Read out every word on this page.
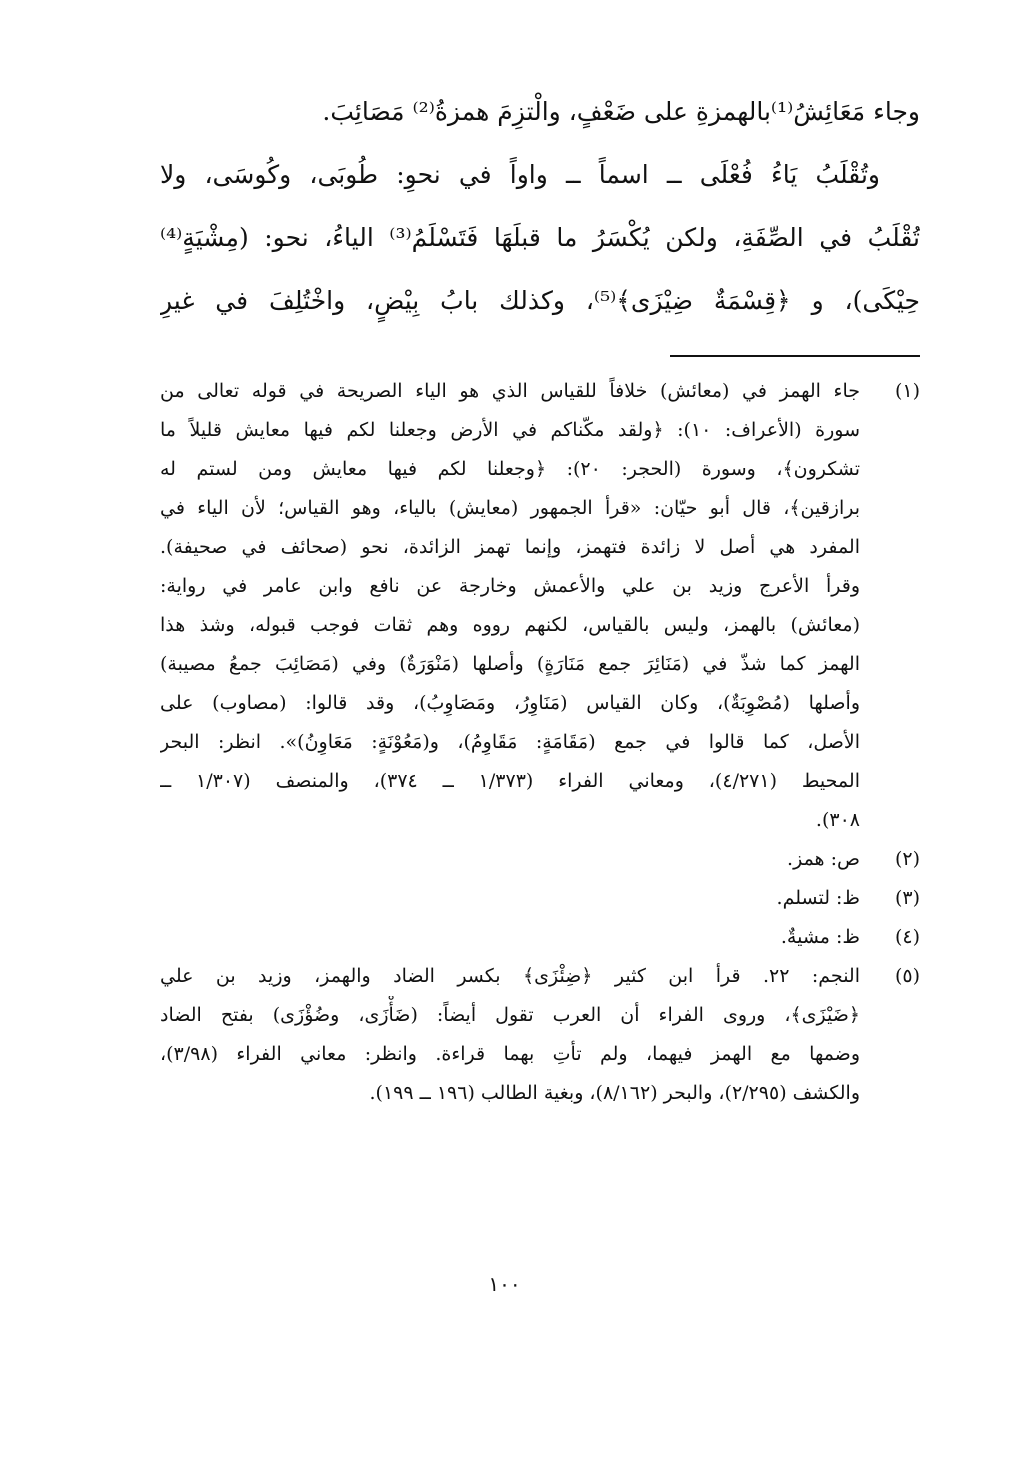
وجاء مَعَائِشُ⁽¹⁾بالهمزةِ على ضَعْفٍ، والْتزِمَ همزةُ⁽²⁾ مَصَائِبَ.
وتُقْلَبُ يَاءُ فُعْلَى ــ اسماً ــ واواً في نحوِ: طُوبَى، وكُوسَى، ولا
تُقْلَبُ في الصِّفَةِ، ولكن يُكْسَرُ ما قبلَهَا فَتَسْلَمُ⁽³⁾ الياءُ، نحو: (مِشْيَةٍ⁽⁴⁾
حِيْكَى)، و ﴿قِسْمَةٌ ضِيْزَى﴾⁽⁵⁾، وكذلك بابُ بِيْضٍ، واخْتُلِفَ في غيرِ
(١)
جاء الهمز في (معائش) خلافاً للقياس الذي هو الياء الصريحة في قوله تعالى من
سورة (الأعراف: ١٠): ﴿ولقد مكّناكم في الأرض وجعلنا لكم فيها معايش قليلاً ما
تشكرون﴾، وسورة (الحجر: ٢٠): ﴿وجعلنا لكم فيها معايش ومن لستم له
برازقين﴾، قال أبو حيّان: «قرأ الجمهور (معايش) بالياء، وهو القياس؛ لأن الياء في
المفرد هي أصل لا زائدة فتهمز، وإنما تهمز الزائدة، نحو (صحائف في صحيفة).
وقرأ الأعرج وزيد بن علي والأعمش وخارجة عن نافع وابن عامر في رواية:
(معائش) بالهمز، وليس بالقياس، لكنهم رووه وهم ثقات فوجب قبوله، وشذ هذا
الهمز كما شذّ في (مَنَائِرَ جمع مَنَارَةٍ) وأصلها (مَنْوَرَةٌ) وفي (مَصَائِبَ جمعُ مصيبة)
وأصلها (مُصْوِبَةٌ)، وكان القياس (مَنَاوِرُ، ومَصَاوِبُ)، وقد قالوا: (مصاوب) على
الأصل، كما قالوا في جمع (مَقَامَةٍ: مَقَاوِمُ)، و(مَعُوْنَةٍ: مَعَاوِنُ)». انظر: البحر
المحيط (٤/٢٧١)، ومعاني الفراء (١/٣٧٣ ــ ٣٧٤)، والمنصف (١/٣٠٧ ــ
٣٠٨).
(٢)
ص: همز.
(٣)
ظ: لتسلم.
(٤)
ظ: مشيةٌ.
(٥)
النجم: ٢٢. قرأ ابن كثير ﴿ضِئْزَى﴾ بكسر الضاد والهمز، وزيد بن علي
﴿ضَيْزَى﴾، وروى الفراء أن العرب تقول أيضاً: (ضَأْزَى، وضُؤْزَى) بفتح الضاد
وضمها مع الهمز فيهما، ولم تأتِ بهما قراءة. وانظر: معاني الفراء (٣/٩٨)،
والكشف (٢/٢٩٥)، والبحر (٨/١٦٢)، وبغية الطالب (١٩٦ ــ ١٩٩).
١٠٠
